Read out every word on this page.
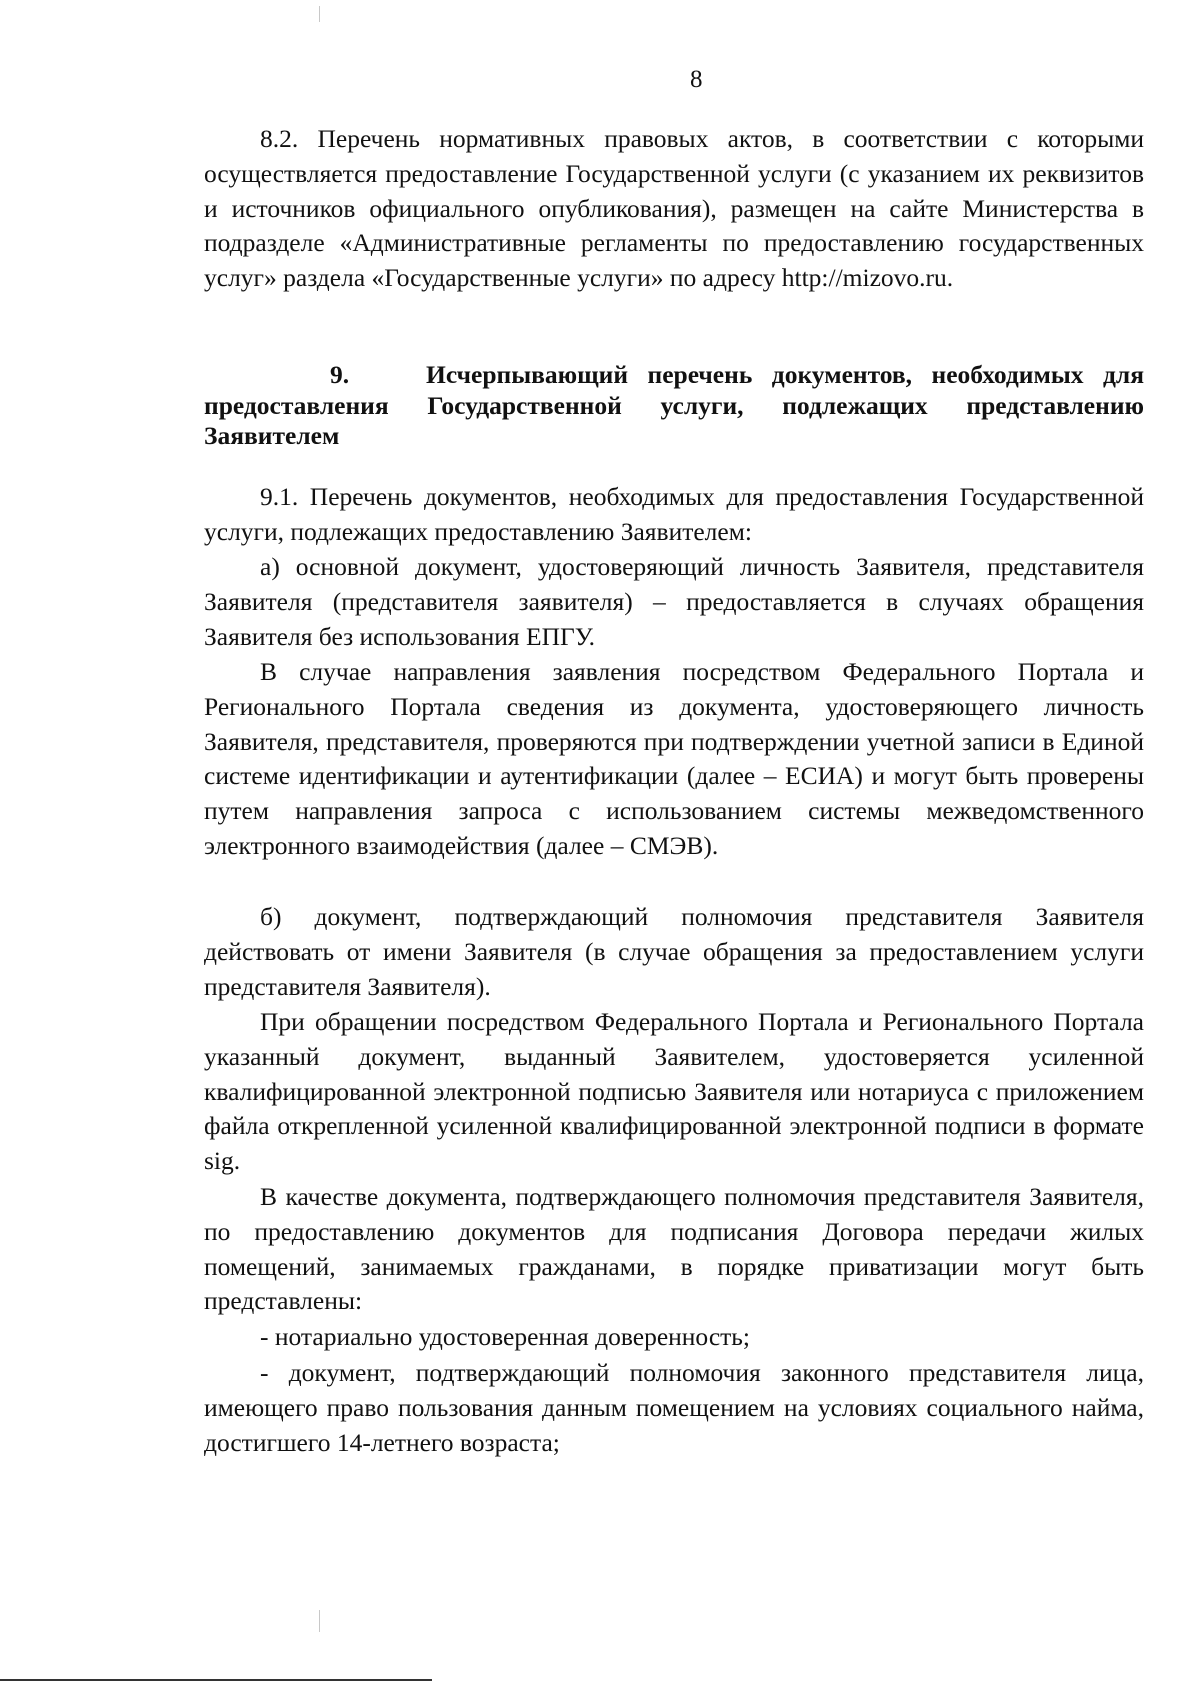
8

8.2. Перечень нормативных правовых актов, в соответствии с которыми осуществляется предоставление Государственной услуги (с указанием их реквизитов и источников официального опубликования), размещен на сайте Министерства в подразделе «Административные регламенты по предоставлению государственных услуг» раздела «Государственные услуги» по адресу http://mizovo.ru.

9.	Исчерпывающий перечень документов, необходимых для предоставления Государственной услуги, подлежащих представлению Заявителем

9.1. Перечень документов, необходимых для предоставления Государственной услуги, подлежащих предоставлению Заявителем:

а) основной документ, удостоверяющий личность Заявителя, представителя Заявителя (представителя заявителя) – предоставляется в случаях обращения Заявителя без использования ЕПГУ.

В случае направления заявления посредством Федерального Портала и Регионального Портала сведения из документа, удостоверяющего личность Заявителя, представителя, проверяются при подтверждении учетной записи в Единой системе идентификации и аутентификации (далее – ЕСИА) и могут быть проверены путем направления запроса с использованием системы межведомственного электронного взаимодействия (далее – СМЭВ).

б) документ, подтверждающий полномочия представителя Заявителя действовать от имени Заявителя (в случае обращения за предоставлением услуги представителя Заявителя).

При обращении посредством Федерального Портала и Регионального Портала указанный документ, выданный Заявителем, удостоверяется усиленной квалифицированной электронной подписью Заявителя или нотариуса с приложением файла открепленной усиленной квалифицированной электронной подписи в формате sig.

В качестве документа, подтверждающего полномочия представителя Заявителя, по предоставлению документов для подписания Договора передачи жилых помещений, занимаемых гражданами, в порядке приватизации могут быть представлены:

- нотариально удостоверенная доверенность;

- документ, подтверждающий полномочия законного представителя лица, имеющего право пользования данным помещением на условиях социального найма, достигшего 14-летнего возраста;
